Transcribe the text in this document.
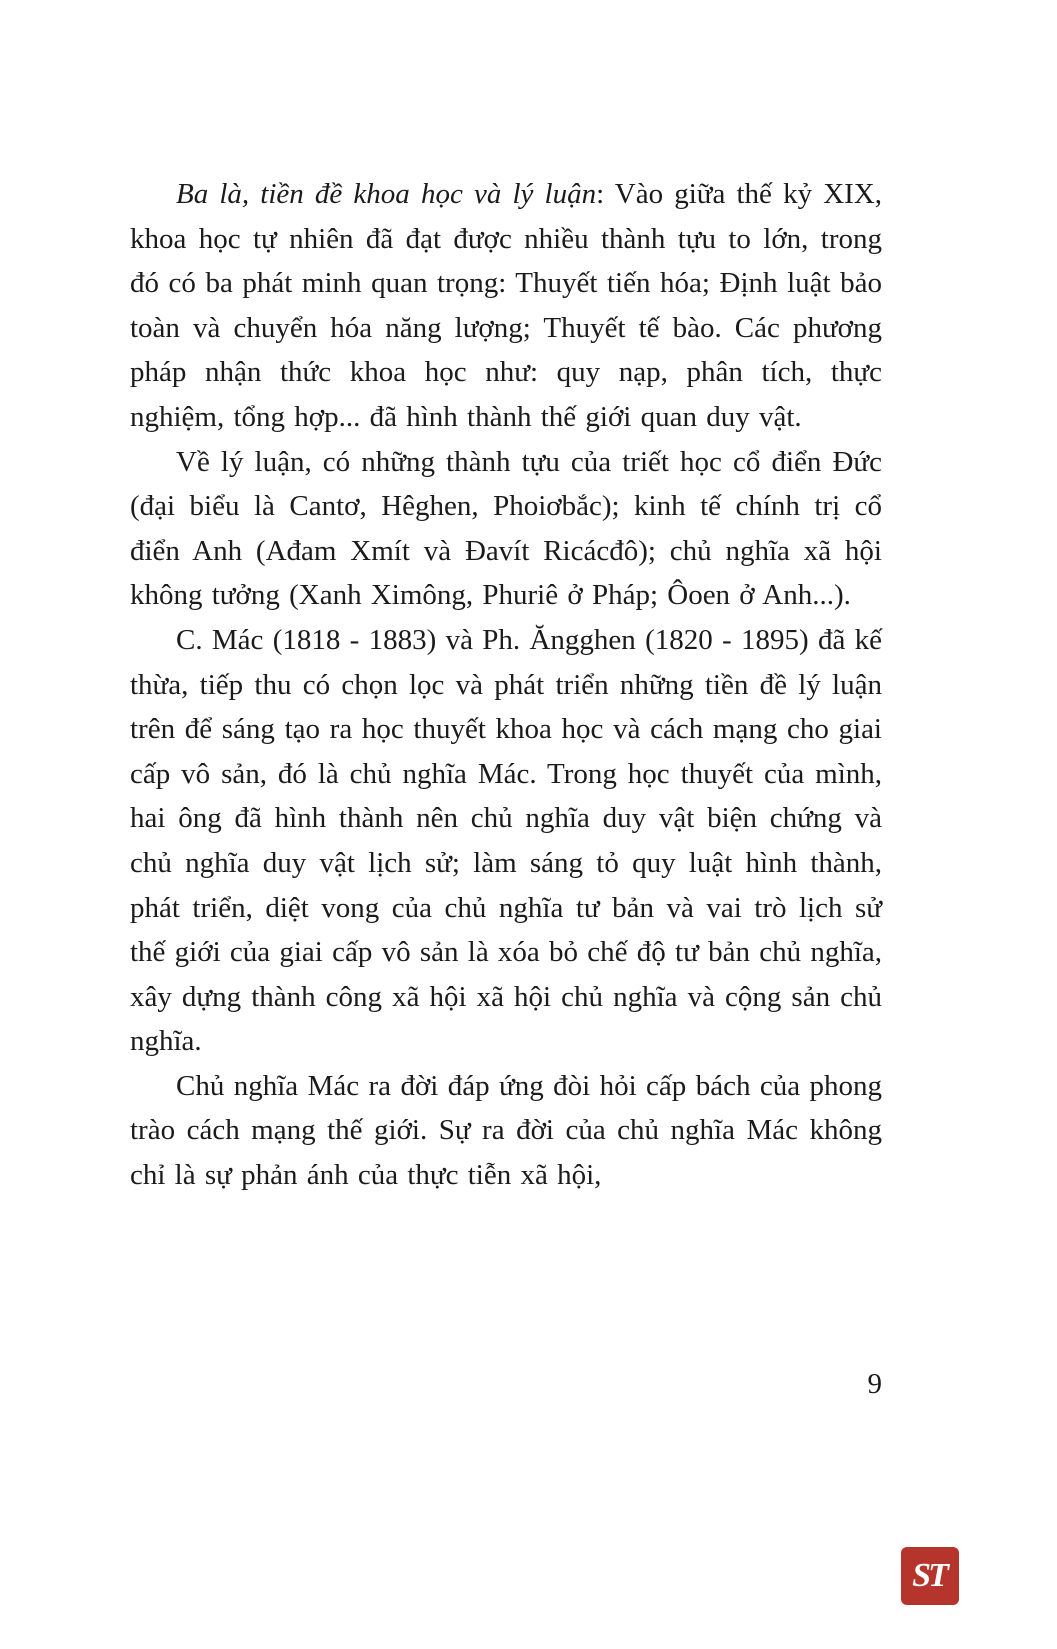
Ba là, tiền đề khoa học và lý luận: Vào giữa thế kỷ XIX, khoa học tự nhiên đã đạt được nhiều thành tựu to lớn, trong đó có ba phát minh quan trọng: Thuyết tiến hóa; Định luật bảo toàn và chuyển hóa năng lượng; Thuyết tế bào. Các phương pháp nhận thức khoa học như: quy nạp, phân tích, thực nghiệm, tổng hợp... đã hình thành thế giới quan duy vật.

Về lý luận, có những thành tựu của triết học cổ điển Đức (đại biểu là Cantơ, Hêghen, Phoiơbắc); kinh tế chính trị cổ điển Anh (Ađam Xmít và Đavít Ricácđô); chủ nghĩa xã hội không tưởng (Xanh Ximông, Phuriê ở Pháp; Ôoen ở Anh...).

C. Mác (1818 - 1883) và Ph. Ăngghen (1820 - 1895) đã kế thừa, tiếp thu có chọn lọc và phát triển những tiền đề lý luận trên để sáng tạo ra học thuyết khoa học và cách mạng cho giai cấp vô sản, đó là chủ nghĩa Mác. Trong học thuyết của mình, hai ông đã hình thành nên chủ nghĩa duy vật biện chứng và chủ nghĩa duy vật lịch sử; làm sáng tỏ quy luật hình thành, phát triển, diệt vong của chủ nghĩa tư bản và vai trò lịch sử thế giới của giai cấp vô sản là xóa bỏ chế độ tư bản chủ nghĩa, xây dựng thành công xã hội xã hội chủ nghĩa và cộng sản chủ nghĩa.

Chủ nghĩa Mác ra đời đáp ứng đòi hỏi cấp bách của phong trào cách mạng thế giới. Sự ra đời của chủ nghĩa Mác không chỉ là sự phản ánh của thực tiễn xã hội,

9
ST
